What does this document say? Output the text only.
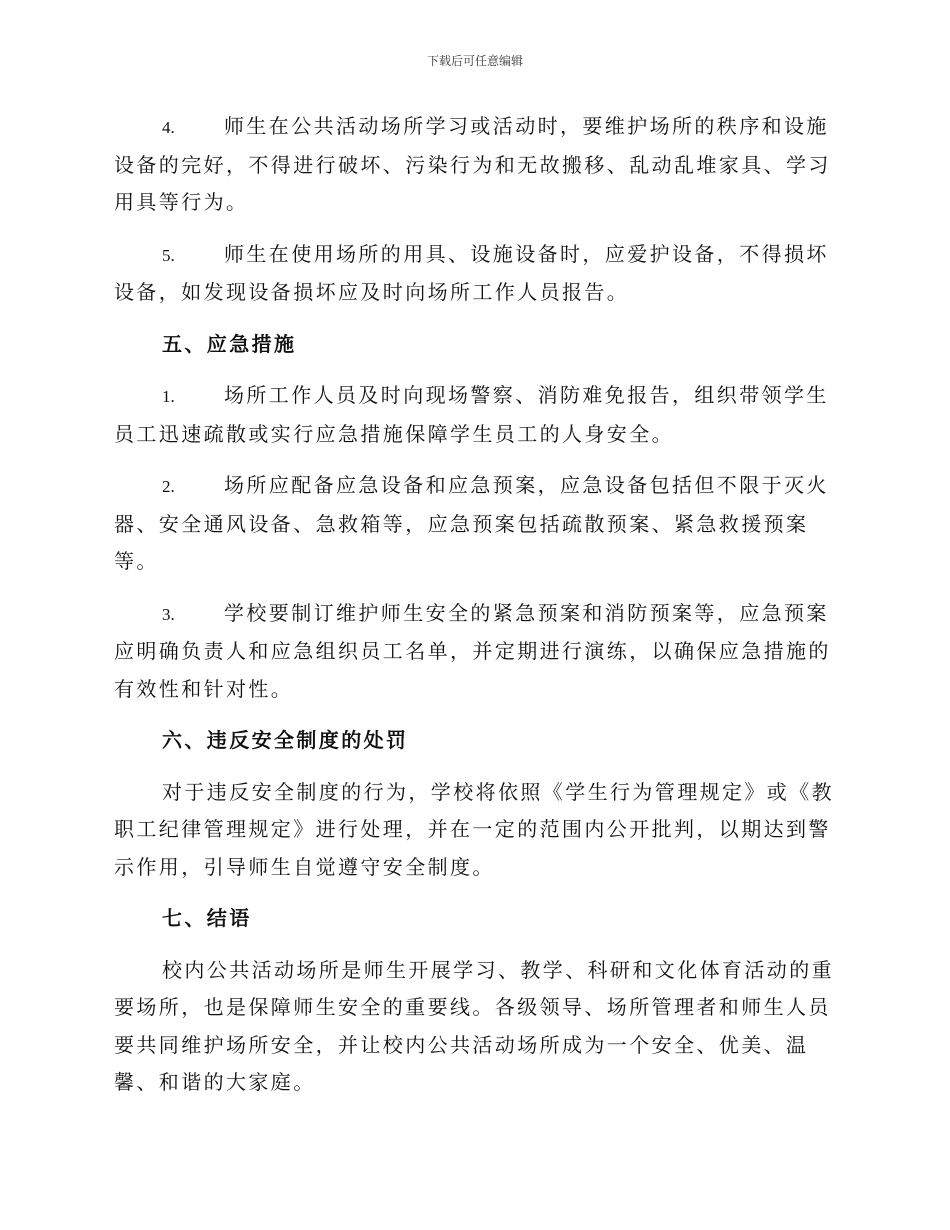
下载后可任意编辑

4. 师生在公共活动场所学习或活动时，要维护场所的秩序和设施设备的完好，不得进行破坏、污染行为和无故搬移、乱动乱堆家具、学习用具等行为。

5. 师生在使用场所的用具、设施设备时，应爱护设备，不得损坏设备，如发现设备损坏应及时向场所工作人员报告。

五、应急措施

1. 场所工作人员及时向现场警察、消防难免报告，组织带领学生员工迅速疏散或实行应急措施保障学生员工的人身安全。

2. 场所应配备应急设备和应急预案，应急设备包括但不限于灭火器、安全通风设备、急救箱等，应急预案包括疏散预案、紧急救援预案等。

3. 学校要制订维护师生安全的紧急预案和消防预案等，应急预案应明确负责人和应急组织员工名单，并定期进行演练，以确保应急措施的有效性和针对性。

六、违反安全制度的处罚

对于违反安全制度的行为，学校将依照《学生行为管理规定》或《教职工纪律管理规定》进行处理，并在一定的范围内公开批判，以期达到警示作用，引导师生自觉遵守安全制度。

七、结语

校内公共活动场所是师生开展学习、教学、科研和文化体育活动的重要场所，也是保障师生安全的重要线。各级领导、场所管理者和师生人员要共同维护场所安全，并让校内公共活动场所成为一个安全、优美、温馨、和谐的大家庭。
